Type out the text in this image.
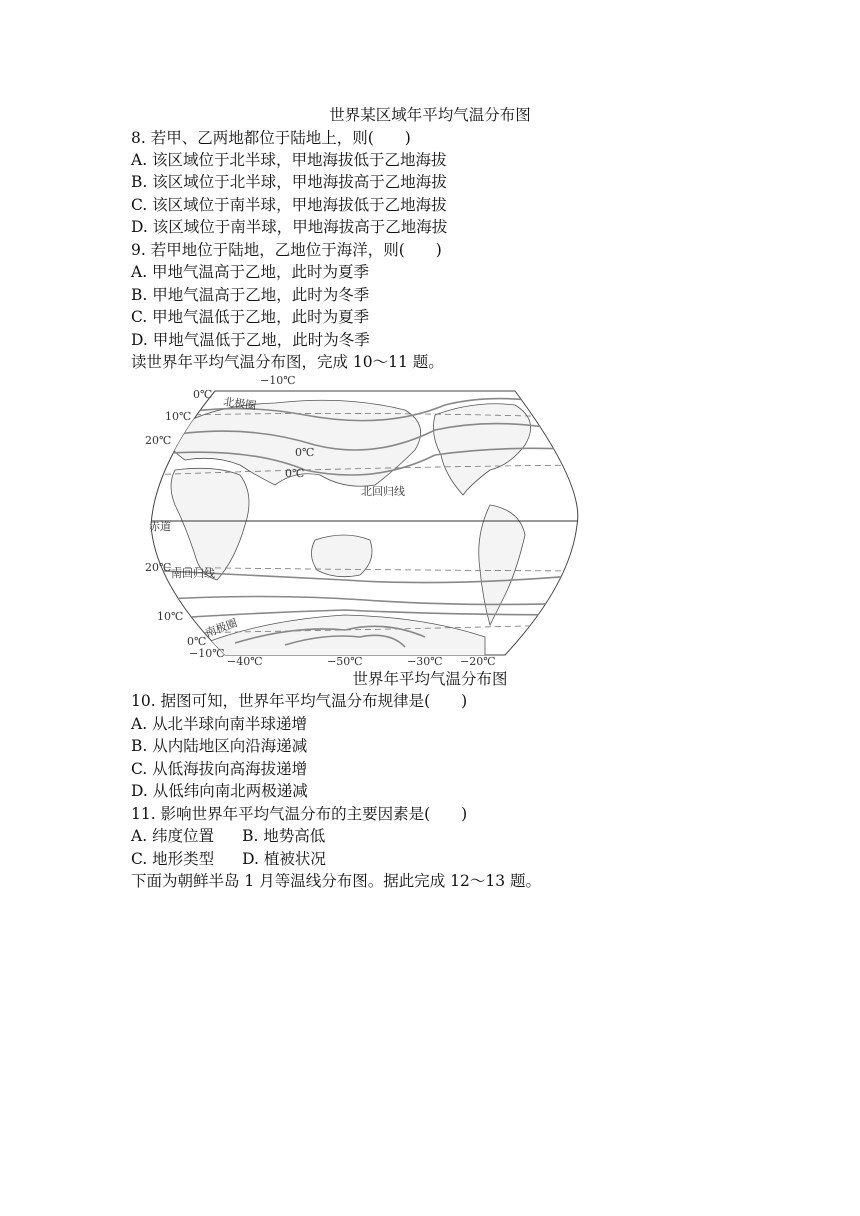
世界某区域年平均气温分布图
8. 若甲、乙两地都位于陆地上，则(　　)
A. 该区域位于北半球，甲地海拔低于乙地海拔
B. 该区域位于北半球，甲地海拔高于乙地海拔
C. 该区域位于南半球，甲地海拔低于乙地海拔
D. 该区域位于南半球，甲地海拔高于乙地海拔
9. 若甲地位于陆地，乙地位于海洋，则(　　)
A. 甲地气温高于乙地，此时为夏季
B. 甲地气温高于乙地，此时为冬季
C. 甲地气温低于乙地，此时为夏季
D. 甲地气温低于乙地，此时为冬季
读世界年平均气温分布图，完成 10～11 题。
−10℃
0℃
10℃
20℃
北极圈
0℃
0℃
北回归线
赤道
20℃ 南回归线
10℃ 南极圈
0℃
−10℃
−40℃	−50℃	−30℃ −20℃
世界年平均气温分布图
10. 据图可知，世界年平均气温分布规律是(　　)
A. 从北半球向南半球递增
B. 从内陆地区向沿海递减
C. 从低海拔向高海拔递增
D. 从低纬向南北两极递减
11. 影响世界年平均气温分布的主要因素是(　　)
A. 纬度位置 B. 地势高低
C. 地形类型 D. 植被状况
下面为朝鲜半岛 1 月等温线分布图。据此完成 12～13 题。
